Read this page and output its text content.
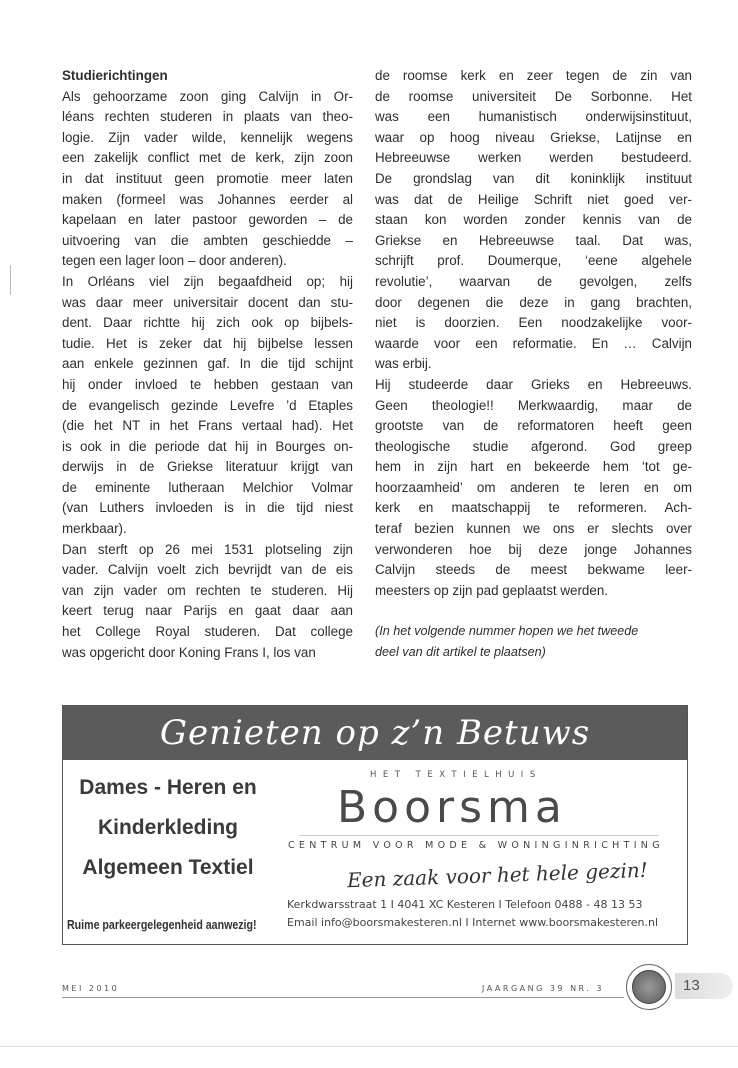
Studierichtingen
Als gehoorzame zoon ging Calvijn in Or-
léans rechten studeren in plaats van theo-
logie. Zijn vader wilde, kennelijk wegens
een zakelijk conflict met de kerk, zijn zoon
in dat instituut geen promotie meer laten
maken (formeel was Johannes eerder al
kapelaan en later pastoor geworden – de
uitvoering van die ambten geschiedde –
tegen een lager loon – door anderen).
In Orléans viel zijn begaafdheid op; hij
was daar meer universitair docent dan stu-
dent. Daar richtte hij zich ook op bijbels-
tudie. Het is zeker dat hij bijbelse lessen
aan enkele gezinnen gaf. In die tijd schijnt
hij onder invloed te hebben gestaan van
de evangelisch gezinde Levefre ’d Etaples
(die het NT in het Frans vertaal had). Het
is ook in die periode dat hij in Bourges on-
derwijs in de Griekse literatuur krijgt van
de eminente lutheraan Melchior Volmar
(van Luthers invloeden is in die tijd niest
merkbaar).
Dan sterft op 26 mei 1531 plotseling zijn
vader. Calvijn voelt zich bevrijdt van de eis
van zijn vader om rechten te studeren. Hij
keert terug naar Parijs en gaat daar aan
het College Royal studeren. Dat college
was opgericht door Koning Frans I, los van
de roomse kerk en zeer tegen de zin van
de roomse universiteit De Sorbonne. Het
was een humanistisch onderwijsinstituut,
waar op hoog niveau Griekse, Latijnse en
Hebreeuwse werken werden bestudeerd.
De grondslag van dit koninklijk instituut
was dat de Heilige Schrift niet goed ver-
staan kon worden zonder kennis van de
Griekse en Hebreeuwse taal. Dat was,
schrijft prof. Doumerque, ‘eene algehele
revolutie’, waarvan de gevolgen, zelfs
door degenen die deze in gang brachten,
niet is doorzien. Een noodzakelijke voor-
waarde voor een reformatie. En … Calvijn
was erbij.
Hij studeerde daar Grieks en Hebreeuws.
Geen theologie!! Merkwaardig, maar de
grootste van de reformatoren heeft geen
theologische studie afgerond. God greep
hem in zijn hart en bekeerde hem ‘tot ge-
hoorzaamheid’ om anderen te leren en om
kerk en maatschappij te reformeren. Ach-
teraf bezien kunnen we ons er slechts over
verwonderen hoe bij deze jonge Johannes
Calvijn steeds de meest bekwame leer-
meesters op zijn pad geplaatst werden.
(In het volgende nummer hopen we het tweede
deel van dit artikel te plaatsen)
Genieten op z’n Betuws
Dames - Heren en
Kinderkleding
Algemeen Textiel
Ruime parkeergelegenheid aanwezig!
HET TEXTIELHUIS
Boorsma
CENTRUM VOOR MODE & WONINGINRICHTING
Een zaak voor het hele gezin!
Kerkdwarsstraat 1 I 4041 XC Kesteren I Telefoon 0488 - 48 13 53
Email info@boorsmakesteren.nl I Internet www.boorsmakesteren.nl
MEI 2010	JAARGANG 39 NR. 3	13
